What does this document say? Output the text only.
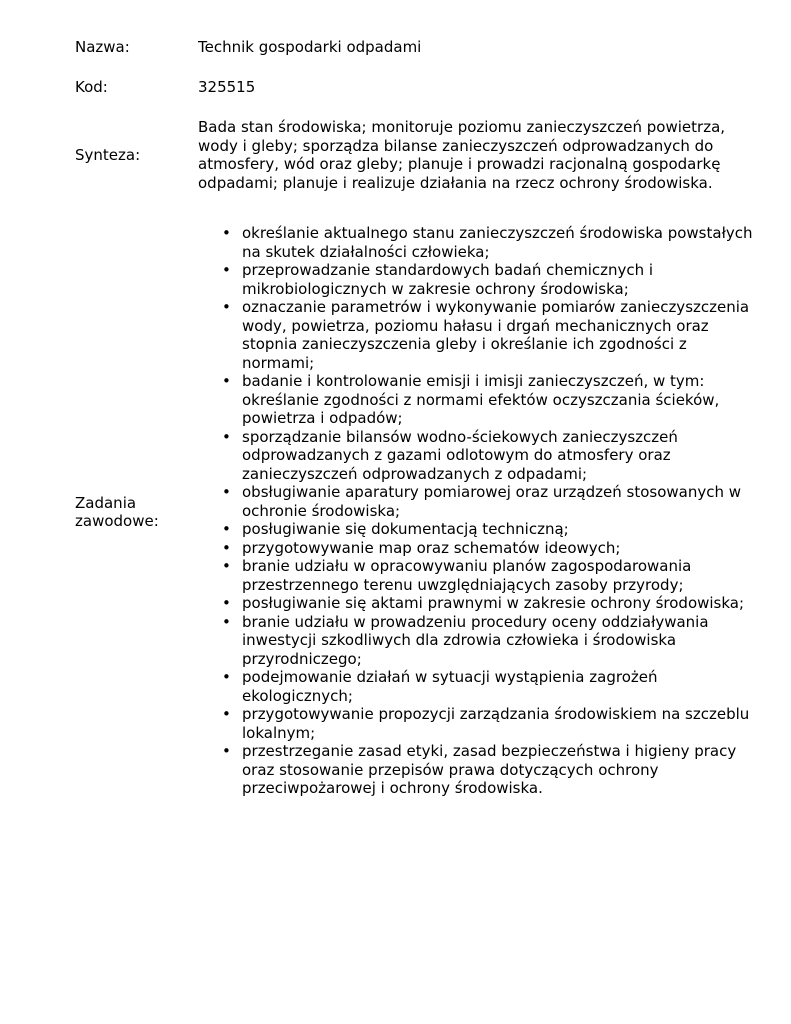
Nazwa:	Technik gospodarki odpadami
Kod:	325515
Synteza:
Bada stan środowiska; monitoruje poziomu zanieczyszczeń powietrza, wody i gleby; sporządza bilanse zanieczyszczeń odprowadzanych do atmosfery, wód oraz gleby; planuje i prowadzi racjonalną gospodarkę odpadami; planuje i realizuje działania na rzecz ochrony środowiska.
Zadania zawodowe:
• określanie aktualnego stanu zanieczyszczeń środowiska powstałych na skutek działalności człowieka;
• przeprowadzanie standardowych badań chemicznych i mikrobiologicznych w zakresie ochrony środowiska;
• oznaczanie parametrów i wykonywanie pomiarów zanieczyszczenia wody, powietrza, poziomu hałasu i drgań mechanicznych oraz stopnia zanieczyszczenia gleby i określanie ich zgodności z normami;
• badanie i kontrolowanie emisji i imisji zanieczyszczeń, w tym: określanie zgodności z normami efektów oczyszczania ścieków, powietrza i odpadów;
• sporządzanie bilansów wodno-ściekowych zanieczyszczeń odprowadzanych z gazami odlotowym do atmosfery oraz zanieczyszczeń odprowadzanych z odpadami;
• obsługiwanie aparatury pomiarowej oraz urządzeń stosowanych w ochronie środowiska;
• posługiwanie się dokumentacją techniczną;
• przygotowywanie map oraz schematów ideowych;
• branie udziału w opracowywaniu planów zagospodarowania przestrzennego terenu uwzględniających zasoby przyrody;
• posługiwanie się aktami prawnymi w zakresie ochrony środowiska;
• branie udziału w prowadzeniu procedury oceny oddziaływania inwestycji szkodliwych dla zdrowia człowieka i środowiska przyrodniczego;
• podejmowanie działań w sytuacji wystąpienia zagrożeń ekologicznych;
• przygotowywanie propozycji zarządzania środowiskiem na szczeblu lokalnym;
• przestrzeganie zasad etyki, zasad bezpieczeństwa i higieny pracy oraz stosowanie przepisów prawa dotyczących ochrony przeciwpożarowej i ochrony środowiska.
